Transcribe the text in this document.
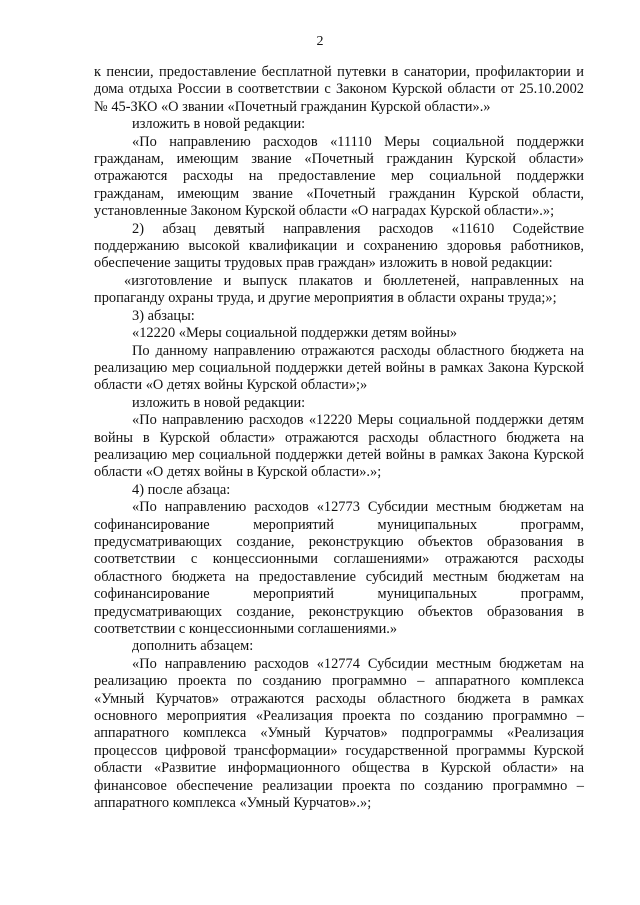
2

к пенсии, предоставление бесплатной путевки в санатории, профилактории и дома отдыха России в соответствии с Законом Курской области от 25.10.2002 № 45-ЗКО «О звании «Почетный гражданин Курской области».»

изложить в новой редакции:

«По направлению расходов «11110 Меры социальной поддержки гражданам, имеющим звание «Почетный гражданин Курской области» отражаются расходы на предоставление мер социальной поддержки гражданам, имеющим звание «Почетный гражданин Курской области, установленные Законом Курской области «О наградах Курской области».»;

2) абзац девятый направления расходов «11610 Содействие поддержанию высокой квалификации и сохранению здоровья работников, обеспечение защиты трудовых прав граждан» изложить в новой редакции:

«изготовление и выпуск плакатов и бюллетеней, направленных на пропаганду охраны труда, и другие мероприятия в области охраны труда;»;

3) абзацы:

«12220 «Меры социальной поддержки детям войны»

По данному направлению отражаются расходы областного бюджета на реализацию мер социальной поддержки детей войны в рамках Закона Курской области «О детях войны Курской области»;»

изложить в новой редакции:

«По направлению расходов «12220 Меры социальной поддержки детям войны в Курской области» отражаются расходы областного бюджета на реализацию мер социальной поддержки детей войны в рамках Закона Курской области «О детях войны в Курской области».»;

4) после абзаца:

«По направлению расходов «12773 Субсидии местным бюджетам на софинансирование мероприятий муниципальных программ, предусматривающих создание, реконструкцию объектов образования в соответствии с концессионными соглашениями» отражаются расходы областного бюджета на предоставление субсидий местным бюджетам на софинансирование мероприятий муниципальных программ, предусматривающих создание, реконструкцию объектов образования в соответствии с концессионными соглашениями.»

дополнить абзацем:

«По направлению расходов «12774 Субсидии местным бюджетам на реализацию проекта по созданию программно – аппаратного комплекса «Умный Курчатов» отражаются расходы областного бюджета в рамках основного мероприятия «Реализация проекта по созданию программно – аппаратного комплекса «Умный Курчатов» подпрограммы «Реализация процессов цифровой трансформации» государственной программы Курской области «Развитие информационного общества в Курской области» на финансовое обеспечение реализации проекта по созданию программно – аппаратного комплекса «Умный Курчатов».»;
